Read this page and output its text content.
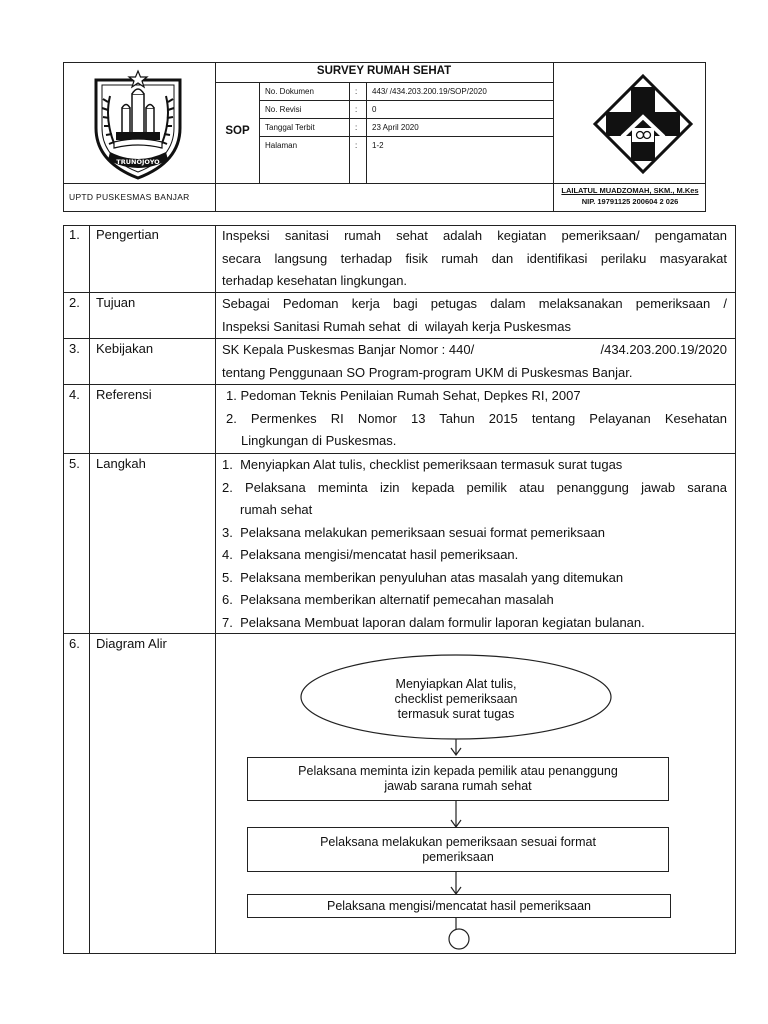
SURVEY RUMAH SEHAT
SOP
No. Dokumen	: 443/ /434.203.200.19/SOP/2020
No. Revisi	: 0
Tanggal Terbit	: 23 April 2020
Halaman	: 1-2
UPTD PUSKESMAS BANJAR
LAILATUL MUADZOMAH, SKM., M.Kes
NIP. 19791125 200604 2 026
TRUNOJOYO
1. Pengertian	Inspeksi sanitasi rumah sehat adalah kegiatan pemeriksaan/ pengamatan
secara langsung terhadap fisik rumah dan identifikasi perilaku masyarakat
terhadap kesehatan lingkungan.
2. Tujuan	Sebagai Pedoman kerja bagi petugas dalam melaksanakan pemeriksaan /
Inspeksi Sanitasi Rumah sehat  di  wilayah kerja Puskesmas
3. Kebijakan	SK Kepala Puskesmas Banjar Nomor : 440/	/434.203.200.19/2020
tentang Penggunaan SO Program-program UKM di Puskesmas Banjar.
4. Referensi	1. Pedoman Teknis Penilaian Rumah Sehat, Depkes RI, 2007
2. Permenkes RI Nomor 13 Tahun 2015 tentang Pelayanan Kesehatan
Lingkungan di Puskesmas.
5. Langkah	1.  Menyiapkan Alat tulis, checklist pemeriksaan termasuk surat tugas
2. Pelaksana meminta izin kepada pemilik atau penanggung jawab sarana
rumah sehat
3.  Pelaksana melakukan pemeriksaan sesuai format pemeriksaan
4.  Pelaksana mengisi/mencatat hasil pemeriksaan.
5.  Pelaksana memberikan penyuluhan atas masalah yang ditemukan
6.  Pelaksana memberikan alternatif pemecahan masalah
7.  Pelaksana Membuat laporan dalam formulir laporan kegiatan bulanan.
6. Diagram Alir
Menyiapkan Alat tulis,
checklist pemeriksaan
termasuk surat tugas
Pelaksana meminta izin kepada pemilik atau penanggung
jawab sarana rumah sehat
Pelaksana melakukan pemeriksaan sesuai format
pemeriksaan
Pelaksana mengisi/mencatat hasil pemeriksaan
